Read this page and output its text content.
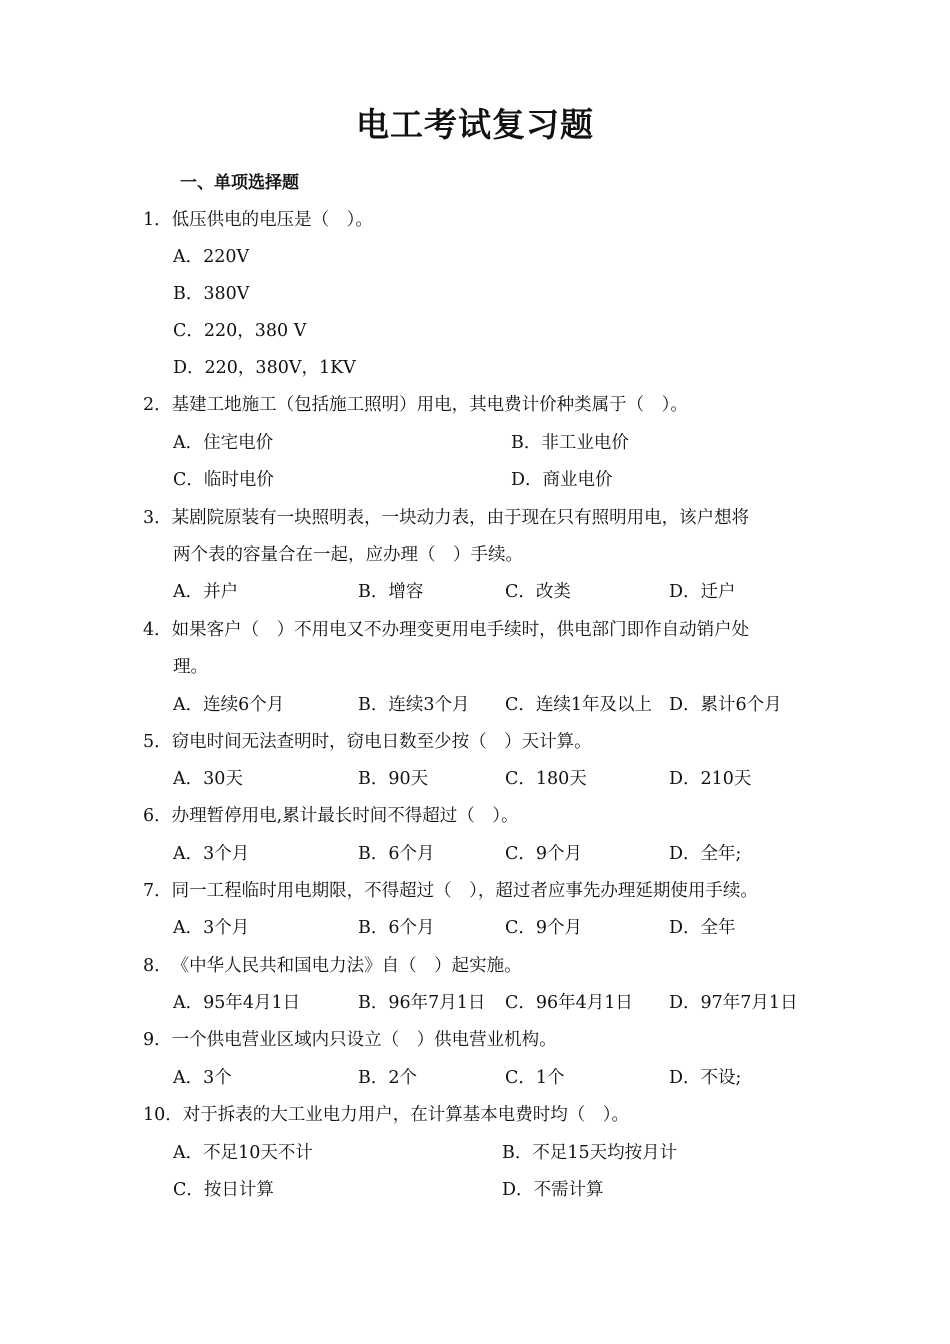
电工考试复习题
一、单项选择题
1．低压供电的电压是（　）。
A．220V
B．380V
C．220，380 V
D．220，380V，1KV
2．基建工地施工（包括施工照明）用电，其电费计价种类属于（　）。
A．住宅电价	B．非工业电价
C．临时电价	D．商业电价
3．某剧院原装有一块照明表，一块动力表，由于现在只有照明用电，该户想将
两个表的容量合在一起，应办理（　）手续。
A．并户	B．增容	C．改类	D．迁户
4．如果客户（　）不用电又不办理变更用电手续时，供电部门即作自动销户处
理。
A．连续6个月	B．连续3个月 C．连续1年及以上 D．累计6个月
5．窃电时间无法查明时，窃电日数至少按（　）天计算。
A．30天	B．90天	C．180天	D．210天
6．办理暂停用电,累计最长时间不得超过（　）。
A．3个月	B．6个月	C．9个月	D．全年;
7．同一工程临时用电期限，不得超过（　），超过者应事先办理延期使用手续。
A．3个月	B．6个月	C．9个月	D．全年
8．《中华人民共和国电力法》自（　）起实施。
A．95年4月1日	B．96年7月1日 C．96年4月1日 D．97年7月1日
9．一个供电营业区域内只设立（　）供电营业机构。
A．3个	B．2个	C．1个	D．不设;
10．对于拆表的大工业电力用户，在计算基本电费时均（　）。
A．不足10天不计	B．不足15天均按月计
C．按日计算	D．不需计算
